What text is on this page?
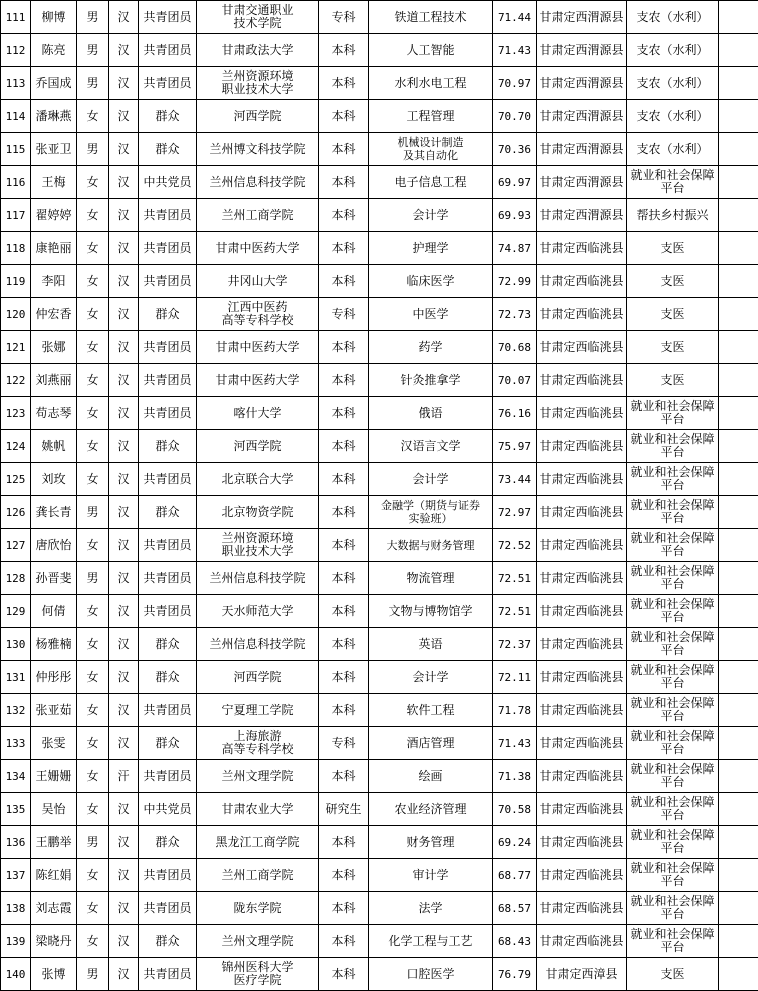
111	柳博	男	汉	共青团员	甘肃交通职业
技术学院	专科	铁道工程技术	71.44	甘肃定西渭源县	支农（水利）	
112	陈亮	男	汉	共青团员	甘肃政法大学	本科	人工智能	71.43	甘肃定西渭源县	支农（水利）	
113	乔国成	男	汉	共青团员	兰州资源环境
职业技术大学	本科	水利水电工程	70.97	甘肃定西渭源县	支农（水利）	
114	潘琳燕	女	汉	群众	河西学院	本科	工程管理	70.70	甘肃定西渭源县	支农（水利）	
115	张亚卫	男	汉	群众	兰州博文科技学院	本科	机械设计制造
及其自动化	70.36	甘肃定西渭源县	支农（水利）	
116	王梅	女	汉	中共党员	兰州信息科技学院	本科	电子信息工程	69.97	甘肃定西渭源县	就业和社会保障
平台	
117	翟婷婷	女	汉	共青团员	兰州工商学院	本科	会计学	69.93	甘肃定西渭源县	帮扶乡村振兴	
118	康艳丽	女	汉	共青团员	甘肃中医药大学	本科	护理学	74.87	甘肃定西临洮县	支医	
119	李阳	女	汉	共青团员	井冈山大学	本科	临床医学	72.99	甘肃定西临洮县	支医	
120	仲宏香	女	汉	群众	江西中医药
高等专科学校	专科	中医学	72.73	甘肃定西临洮县	支医	
121	张娜	女	汉	共青团员	甘肃中医药大学	本科	药学	70.68	甘肃定西临洮县	支医	
122	刘燕丽	女	汉	共青团员	甘肃中医药大学	本科	针灸推拿学	70.07	甘肃定西临洮县	支医	
123	苟志琴	女	汉	共青团员	喀什大学	本科	俄语	76.16	甘肃定西临洮县	就业和社会保障
平台	
124	姚帆	女	汉	群众	河西学院	本科	汉语言文学	75.97	甘肃定西临洮县	就业和社会保障
平台	
125	刘玫	女	汉	共青团员	北京联合大学	本科	会计学	73.44	甘肃定西临洮县	就业和社会保障
平台	
126	龚长青	男	汉	群众	北京物资学院	本科	金融学（期货与证券
实验班）	72.97	甘肃定西临洮县	就业和社会保障
平台	
127	唐欣怡	女	汉	共青团员	兰州资源环境
职业技术大学	本科	大数据与财务管理	72.52	甘肃定西临洮县	就业和社会保障
平台	
128	孙晋斐	男	汉	共青团员	兰州信息科技学院	本科	物流管理	72.51	甘肃定西临洮县	就业和社会保障
平台	
129	何倩	女	汉	共青团员	天水师范大学	本科	文物与博物馆学	72.51	甘肃定西临洮县	就业和社会保障
平台	
130	杨雅楠	女	汉	群众	兰州信息科技学院	本科	英语	72.37	甘肃定西临洮县	就业和社会保障
平台	
131	仲彤彤	女	汉	群众	河西学院	本科	会计学	72.11	甘肃定西临洮县	就业和社会保障
平台	
132	张亚茹	女	汉	共青团员	宁夏理工学院	本科	软件工程	71.78	甘肃定西临洮县	就业和社会保障
平台	
133	张雯	女	汉	群众	上海旅游
高等专科学校	专科	酒店管理	71.43	甘肃定西临洮县	就业和社会保障
平台	
134	王姗姗	女	汗	共青团员	兰州文理学院	本科	绘画	71.38	甘肃定西临洮县	就业和社会保障
平台	
135	吴怡	女	汉	中共党员	甘肃农业大学	研究生	农业经济管理	70.58	甘肃定西临洮县	就业和社会保障
平台	
136	王鹏举	男	汉	群众	黑龙江工商学院	本科	财务管理	69.24	甘肃定西临洮县	就业和社会保障
平台	
137	陈红娟	女	汉	共青团员	兰州工商学院	本科	审计学	68.77	甘肃定西临洮县	就业和社会保障
平台	
138	刘志霞	女	汉	共青团员	陇东学院	本科	法学	68.57	甘肃定西临洮县	就业和社会保障
平台	
139	梁晓丹	女	汉	群众	兰州文理学院	本科	化学工程与工艺	68.43	甘肃定西临洮县	就业和社会保障
平台	
140	张博	男	汉	共青团员	锦州医科大学
医疗学院	本科	口腔医学	76.79	甘肃定西漳县	支医	
